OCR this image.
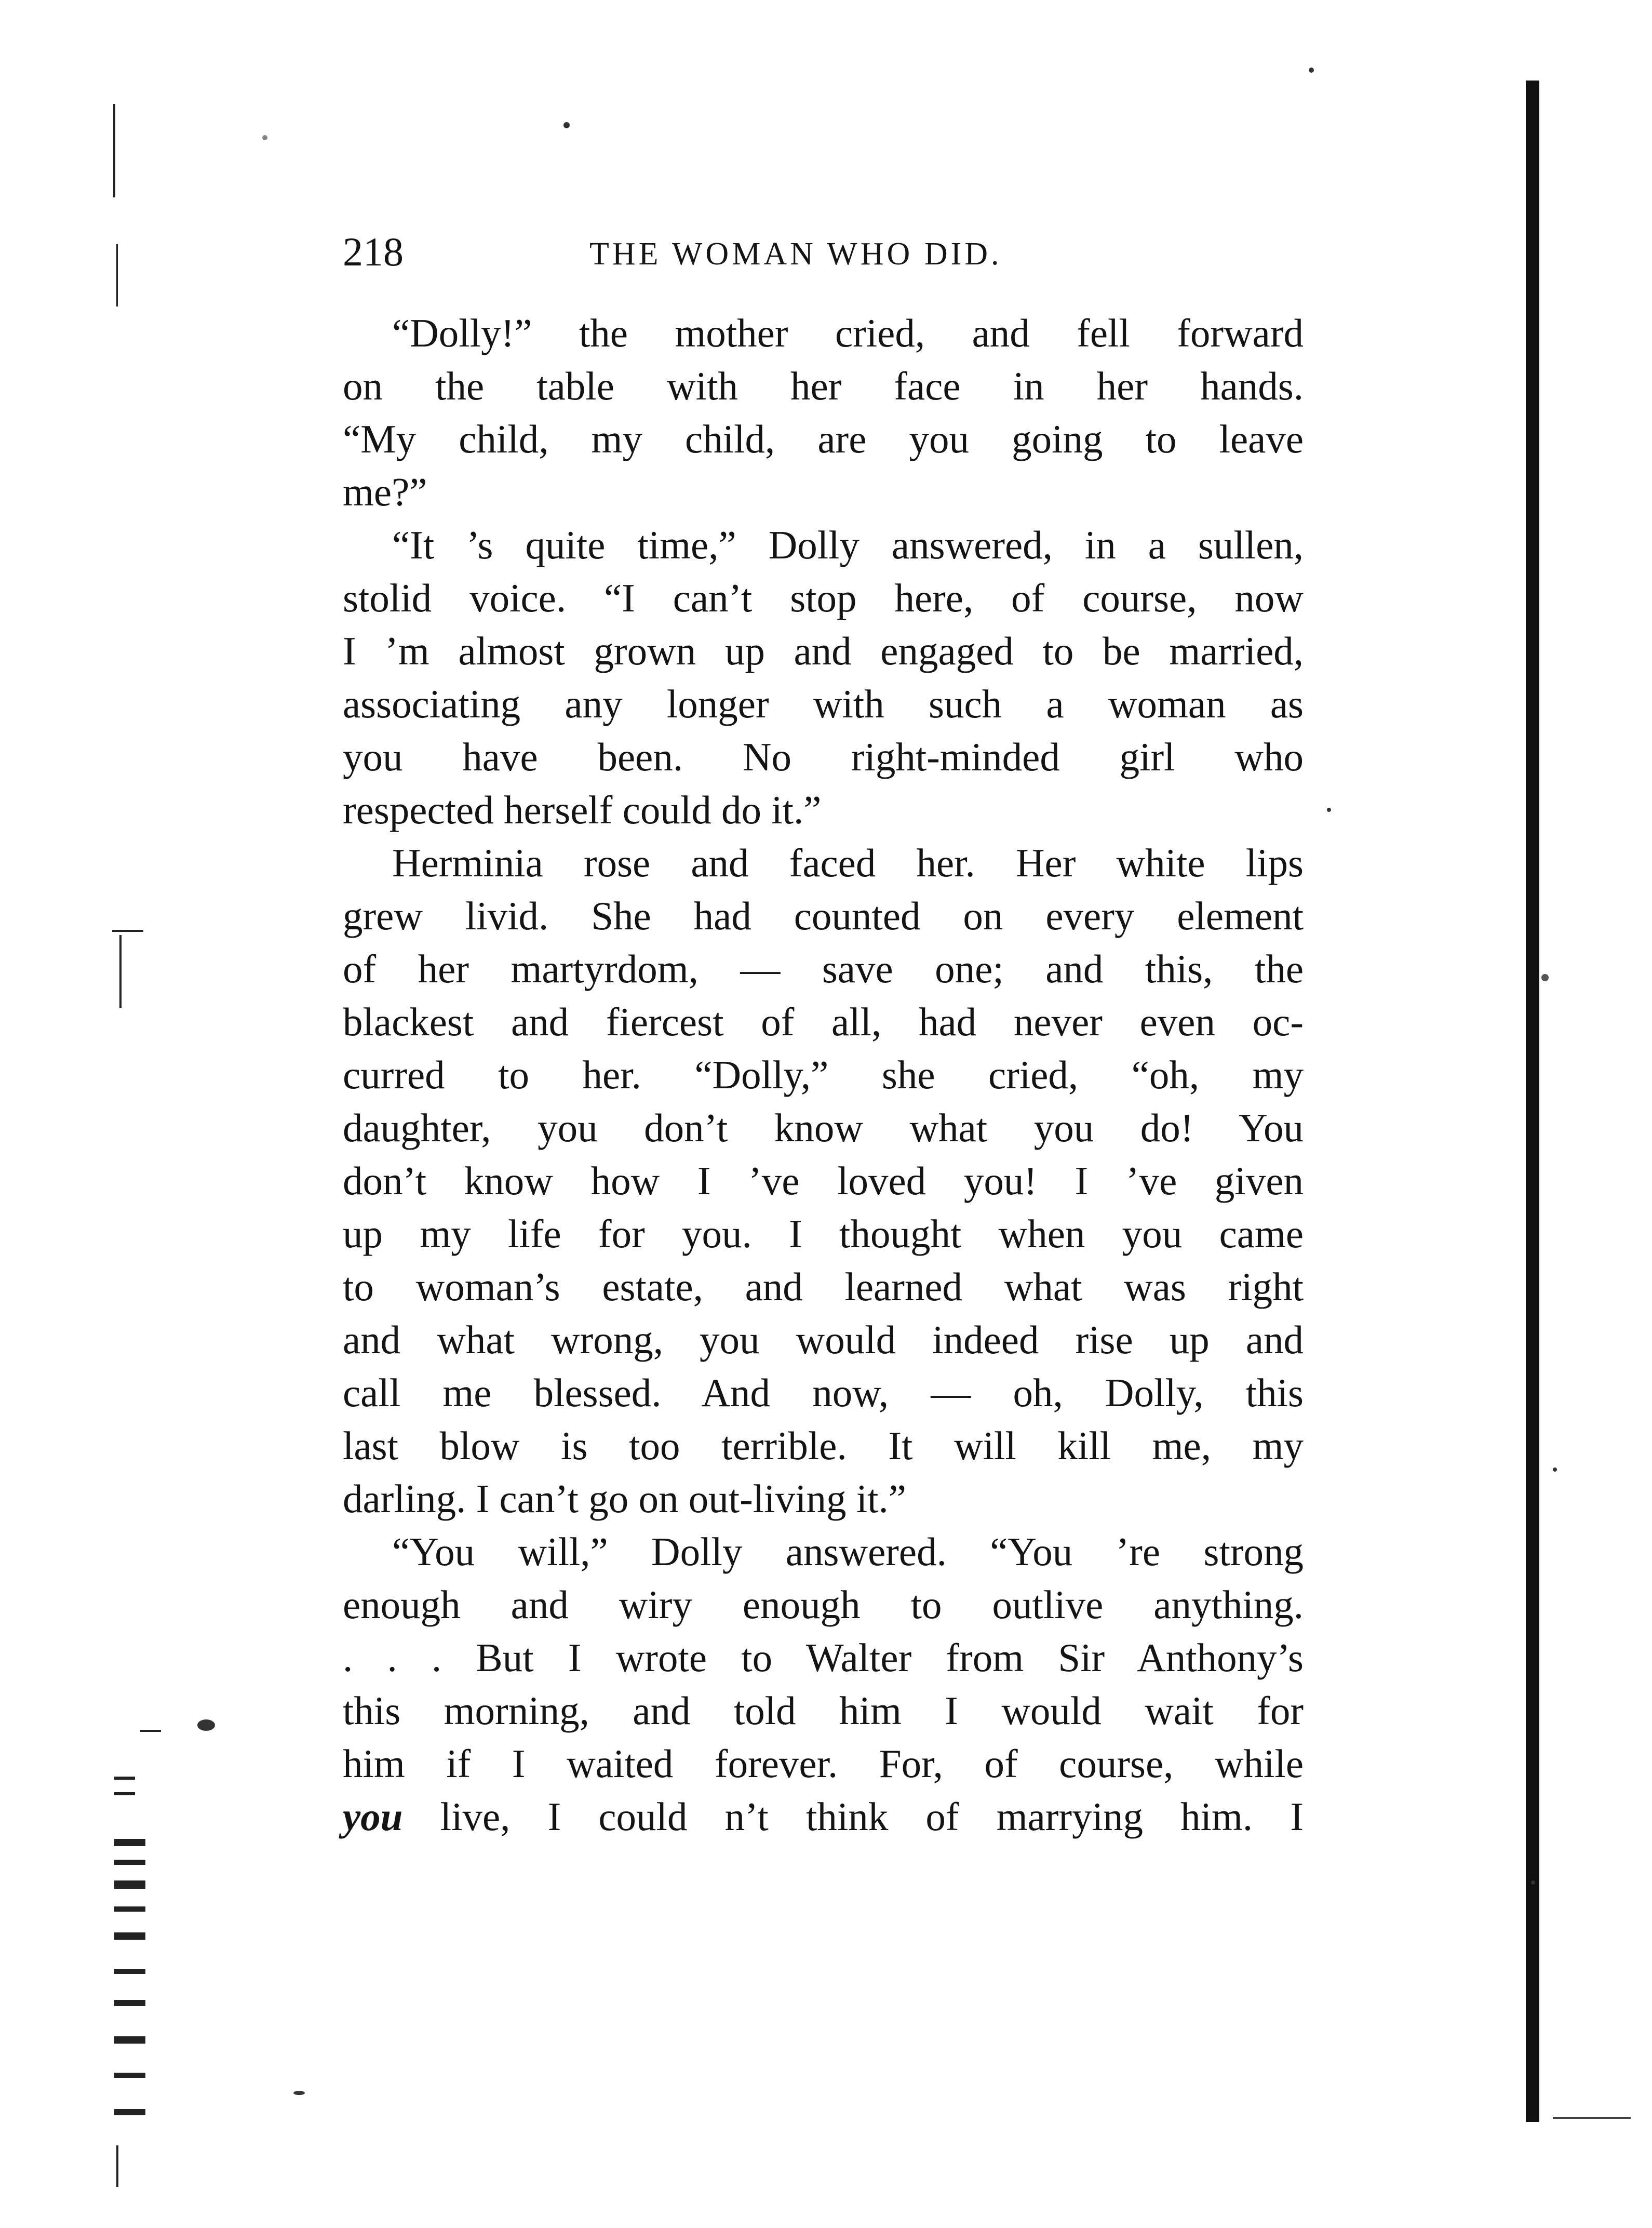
218	THE WOMAN WHO DID.
“Dolly!” the mother cried, and fell forward
on the table with her face in her hands.
“My child, my child, are you going to leave
me?”
“It ’s quite time,” Dolly answered, in a sullen,
stolid voice. “I can’t stop here, of course, now
I ’m almost grown up and engaged to be married,
associating any longer with such a woman as
you have been. No right-minded girl who
respected herself could do it.”
Herminia rose and faced her. Her white lips
grew livid. She had counted on every element
of her martyrdom, — save one; and this, the
blackest and fiercest of all, had never even oc-
curred to her. “Dolly,” she cried, “oh, my
daughter, you don’t know what you do! You
don’t know how I ’ve loved you! I ’ve given
up my life for you. I thought when you came
to woman’s estate, and learned what was right
and what wrong, you would indeed rise up and
call me blessed. And now, — oh, Dolly, this
last blow is too terrible. It will kill me, my
darling. I can’t go on out-living it.”
“You will,” Dolly answered. “You ’re strong
enough and wiry enough to outlive anything.
. . . But I wrote to Walter from Sir Anthony’s
this morning, and told him I would wait for
him if I waited forever. For, of course, while
you live, I could n’t think of marrying him. I
